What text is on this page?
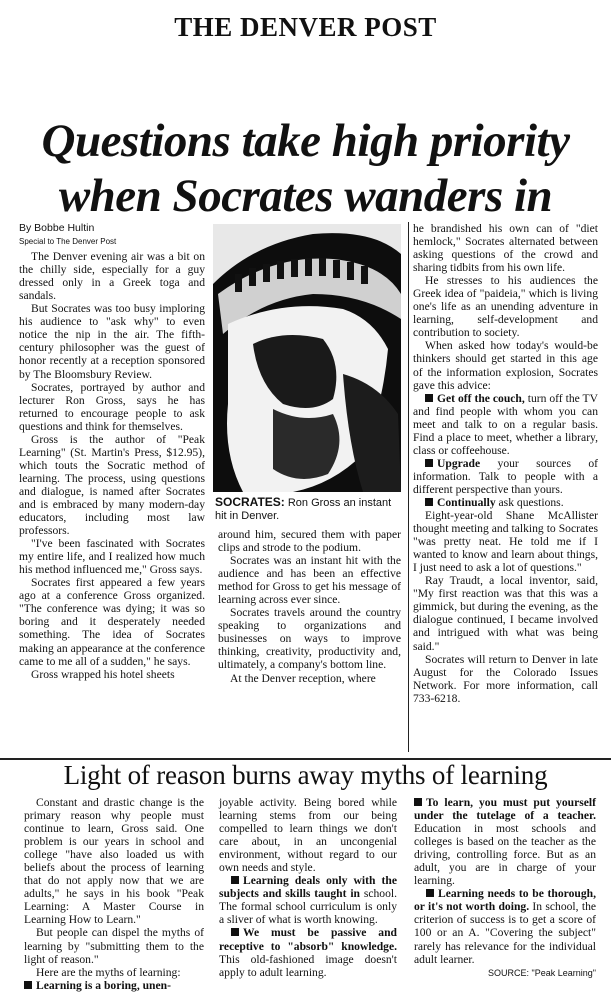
THE DENVER POST
Questions take high priority
when Socrates wanders in
By Bobbe Hultin
Special to The Denver Post

The Denver evening air was a bit on the chilly side, especially for a guy dressed only in a Greek toga and sandals.

But Socrates was too busy imploring his audience to "ask why" to even notice the nip in the air. The fifth-century philosopher was the guest of honor recently at a reception sponsored by The Bloomsbury Review.

Socrates, portrayed by author and lecturer Ron Gross, says he has returned to encourage people to ask questions and think for themselves.

Gross is the author of "Peak Learning" (St. Martin's Press, $12.95), which touts the Socratic method of learning. The process, using questions and dialogue, is named after Socrates and is embraced by many modern-day educators, including most law professors.

"I've been fascinated with Socrates my entire life, and I realized how much his method influenced me," Gross says.

Socrates first appeared a few years ago at a conference Gross organized. "The conference was dying; it was so boring and it desperately needed something. The idea of Socrates making an appearance at the conference came to me all of a sudden," he says.

Gross wrapped his hotel sheets

SOCRATES: Ron Gross an instant hit in Denver.

around him, secured them with paper clips and strode to the podium.

Socrates was an instant hit with the audience and has been an effective method for Gross to get his message of learning across ever since.

Socrates travels around the country speaking to organizations and businesses on ways to improve thinking, creativity, productivity and, ultimately, a company's bottom line.

At the Denver reception, where

he brandished his own can of "diet hemlock," Socrates alternated between asking questions of the crowd and sharing tidbits from his own life.

He stresses to his audiences the Greek idea of "paideia," which is living one's life as an unending adventure in learning, self-development and contribution to society.

When asked how today's would-be thinkers should get started in this age of the information explosion, Socrates gave this advice:

Get off the couch, turn off the TV and find people with whom you can meet and talk to on a regular basis. Find a place to meet, whether a library, class or coffeehouse.

Upgrade your sources of information. Talk to people with a different perspective than yours.

Continually ask questions.

Eight-year-old Shane McAllister thought meeting and talking to Socrates "was pretty neat. He told me if I wanted to know and learn about things, I just need to ask a lot of questions."

Ray Traudt, a local inventor, said, "My first reaction was that this was a gimmick, but during the evening, as the dialogue continued, I became involved and intrigued with what was being said."

Socrates will return to Denver in late August for the Colorado Issues Network. For more information, call 733-6218.

Light of reason burns away myths of learning

Constant and drastic change is the primary reason why people must continue to learn, Gross said. One problem is our years in school and college "have also loaded us with beliefs about the process of learning that do not apply now that we are adults," he says in his book "Peak Learning: A Master Course in Learning How to Learn."

But people can dispel the myths of learning by "submitting them to the light of reason."

Here are the myths of learning:

Learning is a boring, unen-

joyable activity. Being bored while learning stems from our being compelled to learn things we don't care about, in an uncongenial environment, without regard to our own needs and style.

Learning deals only with the subjects and skills taught in school. The formal school curriculum is only a sliver of what is worth knowing.

We must be passive and receptive to "absorb" knowledge. This old-fashioned image doesn't apply to adult learning.

To learn, you must put yourself under the tutelage of a teacher. Education in most schools and colleges is based on the teacher as the driving, controlling force. But as an adult, you are in charge of your learning.

Learning needs to be thorough, or it's not worth doing. In school, the criterion of success is to get a score of 100 or an A. "Covering the subject" rarely has relevance for the individual adult learner.

SOURCE: "Peak Learning"
